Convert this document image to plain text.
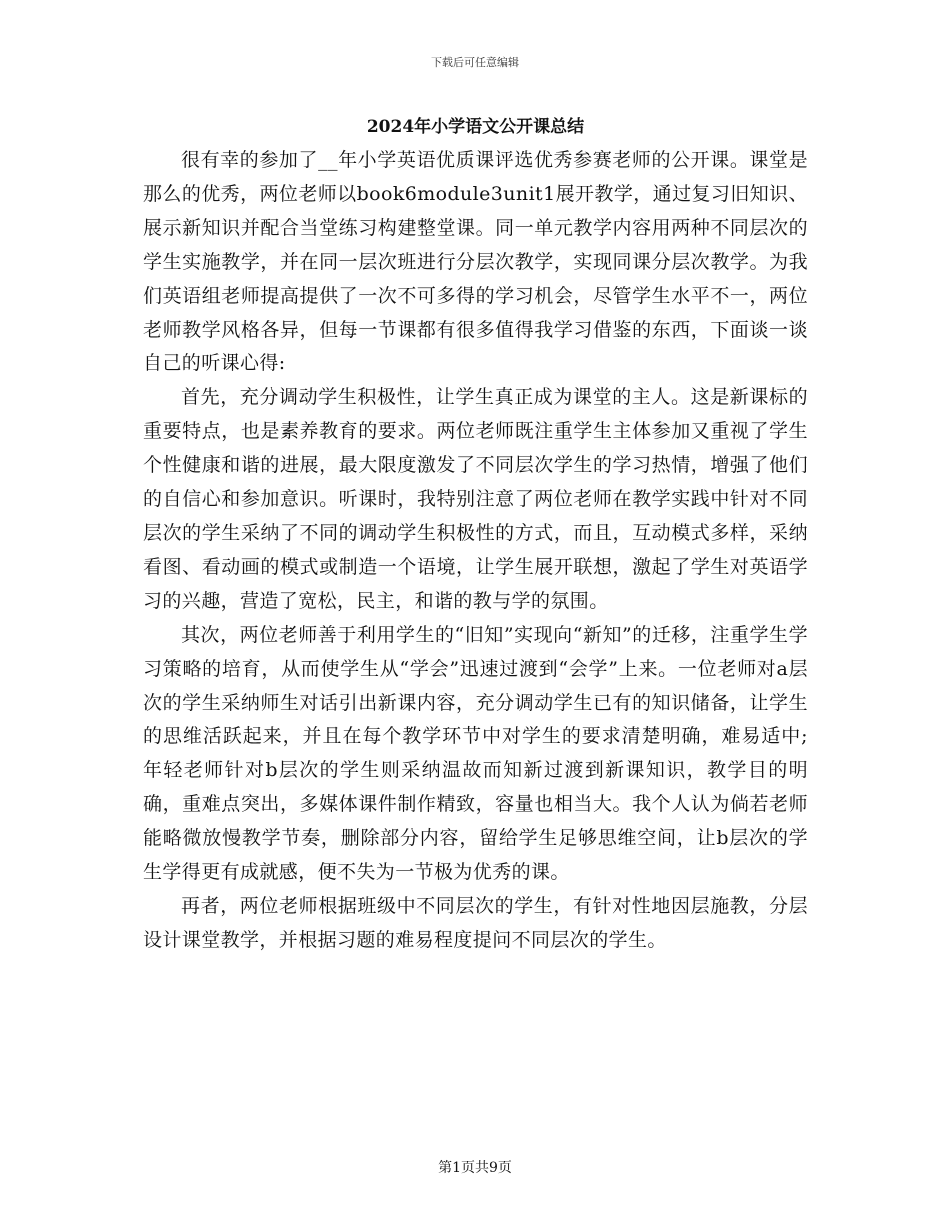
下载后可任意编辑
2024年小学语文公开课总结

很有幸的参加了__年小学英语优质课评选优秀参赛老师的公开课。课堂是那么的优秀，两位老师以book6module3unit1展开教学，通过复习旧知识、展示新知识并配合当堂练习构建整堂课。同一单元教学内容用两种不同层次的学生实施教学，并在同一层次班进行分层次教学，实现同课分层次教学。为我们英语组老师提高提供了一次不可多得的学习机会，尽管学生水平不一，两位老师教学风格各异，但每一节课都有很多值得我学习借鉴的东西，下面谈一谈自己的听课心得:

首先，充分调动学生积极性，让学生真正成为课堂的主人。这是新课标的重要特点，也是素养教育的要求。两位老师既注重学生主体参加又重视了学生个性健康和谐的进展，最大限度激发了不同层次学生的学习热情，增强了他们的自信心和参加意识。听课时，我特别注意了两位老师在教学实践中针对不同层次的学生采纳了不同的调动学生积极性的方式，而且，互动模式多样，采纳看图、看动画的模式或制造一个语境，让学生展开联想，激起了学生对英语学习的兴趣，营造了宽松，民主，和谐的教与学的氛围。

其次，两位老师善于利用学生的“旧知”实现向“新知”的迁移，注重学生学习策略的培育，从而使学生从“学会”迅速过渡到“会学”上来。一位老师对a层次的学生采纳师生对话引出新课内容，充分调动学生已有的知识储备，让学生的思维活跃起来，并且在每个教学环节中对学生的要求清楚明确，难易适中;年轻老师针对b层次的学生则采纳温故而知新过渡到新课知识，教学目的明确，重难点突出，多媒体课件制作精致，容量也相当大。我个人认为倘若老师能略微放慢教学节奏，删除部分内容，留给学生足够思维空间，让b层次的学生学得更有成就感，便不失为一节极为优秀的课。

再者，两位老师根据班级中不同层次的学生，有针对性地因层施教，分层设计课堂教学，并根据习题的难易程度提问不同层次的学生。

第1页共9页
